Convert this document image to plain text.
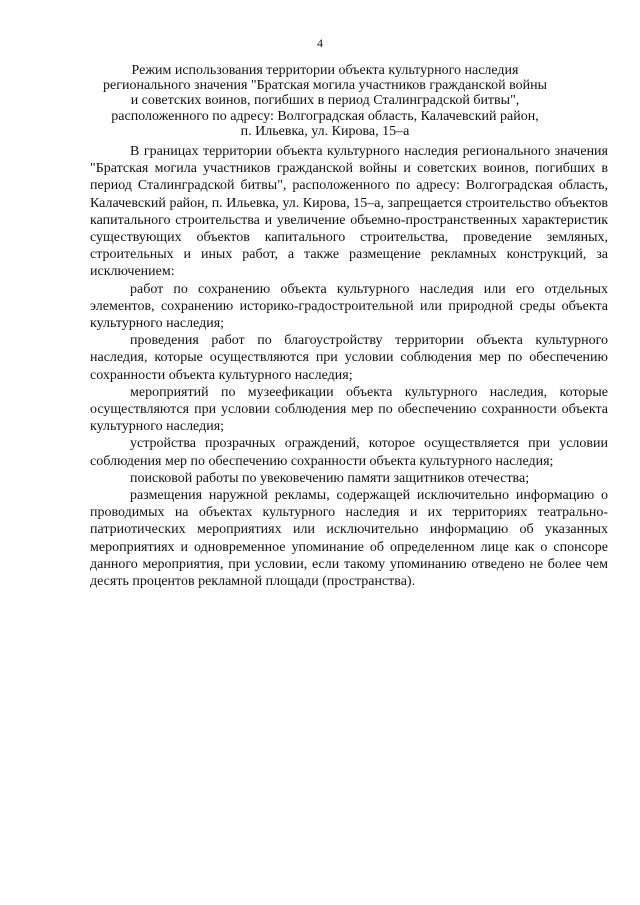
4
Режим использования территории объекта культурного наследия
регионального значения "Братская могила участников гражданской войны
и советских воинов, погибших в период Сталинградской битвы",
расположенного по адресу: Волгоградская область, Калачевский район,
п. Ильевка, ул. Кирова, 15–а

В границах территории объекта культурного наследия регионального значения "Братская могила участников гражданской войны и советских воинов, погибших в период Сталинградской битвы", расположенного по адресу: Волгоградская область, Калачевский район, п. Ильевка, ул. Кирова, 15–а, запрещается строительство объектов капитального строительства и увеличение объемно-пространственных характеристик существующих объектов капитального строительства, проведение земляных, строительных и иных работ, а также размещение рекламных конструкций, за исключением:

работ по сохранению объекта культурного наследия или его отдельных элементов, сохранению историко-градостроительной или природной среды объекта культурного наследия;

проведения работ по благоустройству территории объекта культурного наследия, которые осуществляются при условии соблюдения мер по обеспечению сохранности объекта культурного наследия;

мероприятий по музеефикации объекта культурного наследия, которые осуществляются при условии соблюдения мер по обеспечению сохранности объекта культурного наследия;

устройства прозрачных ограждений, которое осуществляется при условии соблюдения мер по обеспечению сохранности объекта культурного наследия;

поисковой работы по увековечению памяти защитников отечества;

размещения наружной рекламы, содержащей исключительно информацию о проводимых на объектах культурного наследия и их территориях театрально-патриотических мероприятиях или исключительно информацию об указанных мероприятиях и одновременное упоминание об определенном лице как о спонсоре данного мероприятия, при условии, если такому упоминанию отведено не более чем десять процентов рекламной площади (пространства).
